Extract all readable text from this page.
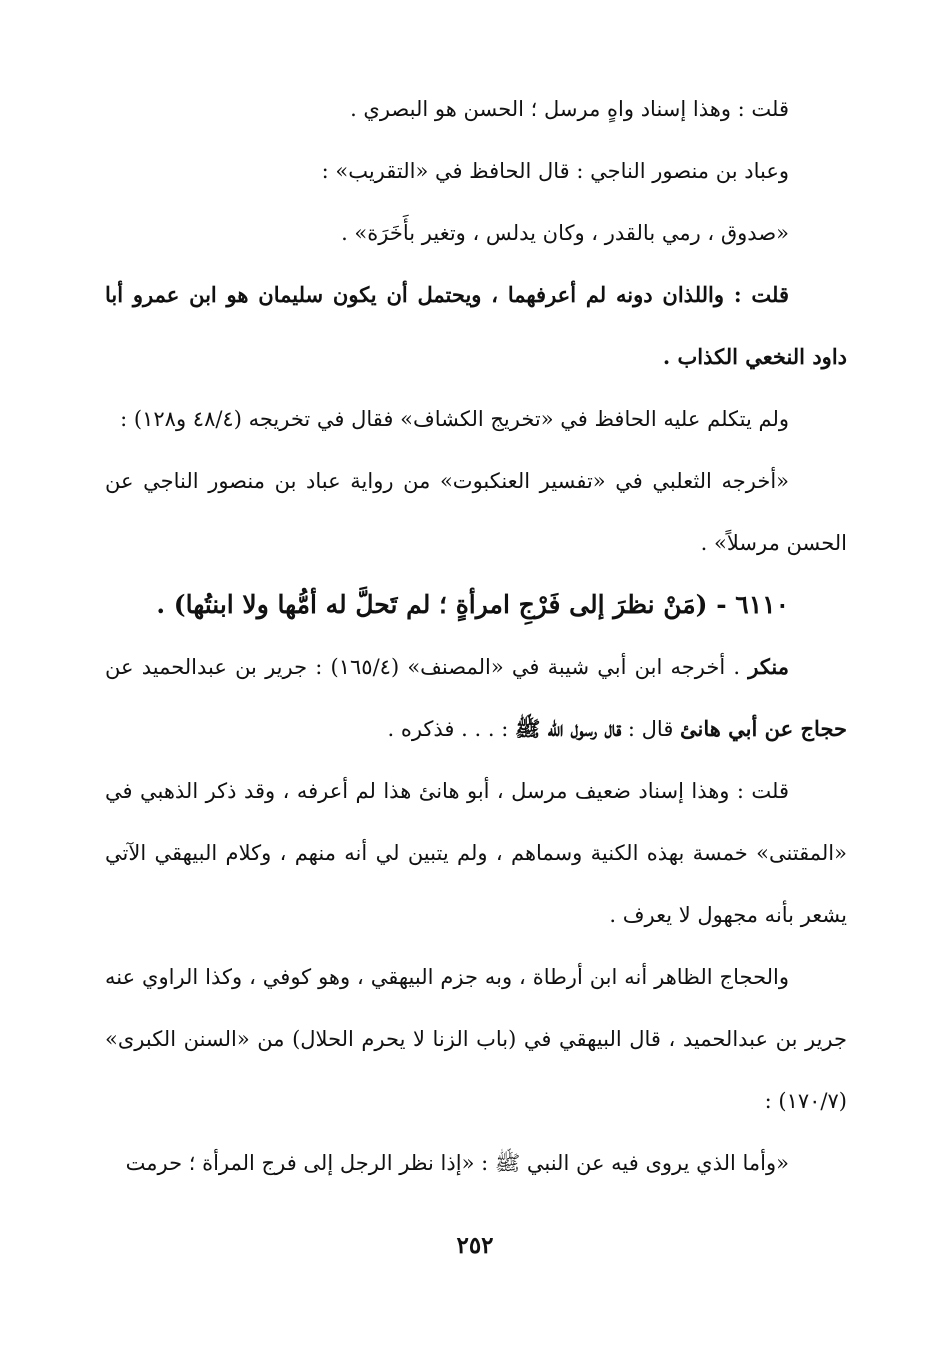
قلت : وهذا إسناد واهٍ مرسل ؛ الحسن هو البصري .

وعباد بن منصور الناجي : قال الحافظ في «التقريب» :

«صدوق ، رمي بالقدر ، وكان يدلس ، وتغير بأَخَرَة» .

قلت : واللذان دونه لم أعرفهما ، ويحتمل أن يكون سليمان هو ابن عمرو أبا داود النخعي الكذاب .

ولم يتكلم عليه الحافظ في «تخريج الكشاف» فقال في تخريجه (٤٨/٤ و١٢٨) :

«أخرجه الثعلبي في «تفسير العنكبوت» من رواية عباد بن منصور الناجي عن الحسن مرسلاً» .

٦١١٠ - (مَنْ نظرَ إلى فَرْجِ امرأةٍ ؛ لم تَحلَّ له أمُّها ولا ابنتُها) .

منكر . أخرجه ابن أبي شيبة في «المصنف» (١٦٥/٤) : جرير بن عبدالحميد عن حجاج عن أبي هانئ قال : قال رسول الله ﷺ : . . . فذكره .

قلت : وهذا إسناد ضعيف مرسل ، أبو هانئ هذا لم أعرفه ، وقد ذكر الذهبي في «المقتنى» خمسة بهذه الكنية وسماهم ، ولم يتبين لي أنه منهم ، وكلام البيهقي الآتي يشعر بأنه مجهول لا يعرف .

والحجاج الظاهر أنه ابن أرطاة ، وبه جزم البيهقي ، وهو كوفي ، وكذا الراوي عنه جرير بن عبدالحميد ، قال البيهقي في (باب الزنا لا يحرم الحلال) من «السنن الكبرى» (١٧٠/٧) :

«وأما الذي يروى فيه عن النبي ﷺ : «إذا نظر الرجل إلى فرج المرأة ؛ حرمت

٢٥٢
